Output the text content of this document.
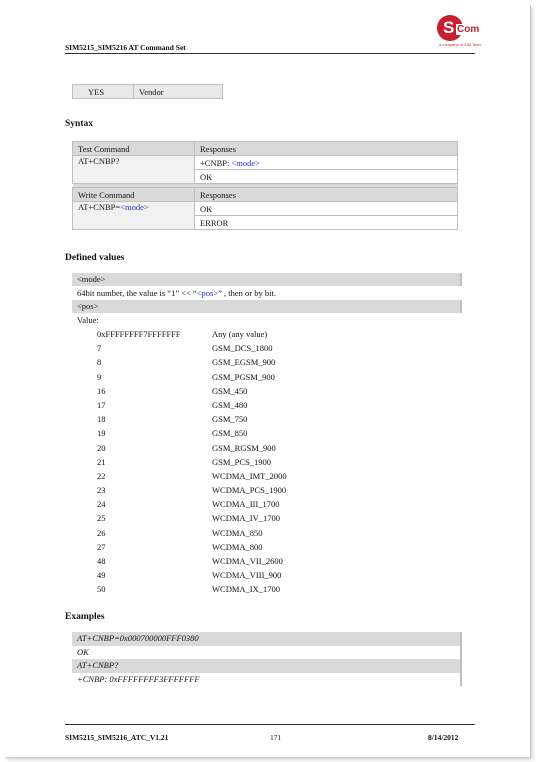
S Com
a company of SIM Tech
SIM5215_SIM5216 AT Command Set
YES	Vendor
Syntax
Test Command	Responses
AT+CNBP?	+CNBP: <mode>
	OK

Write Command	Responses
AT+CNBP=<mode>	OK
	ERROR
Defined values
<mode>
64bit number, the value is “1” << “<pos>” , then or by bit.
<pos>
Value:
0xFFFFFFFF7FFFFFFF	Any (any value)
7	GSM_DCS_1800
8	GSM_EGSM_900
9	GSM_PGSM_900
16	GSM_450
17	GSM_480
18	GSM_750
19	GSM_850
20	GSM_RGSM_900
21	GSM_PCS_1900
22	WCDMA_IMT_2000
23	WCDMA_PCS_1900
24	WCDMA_III_1700
25	WCDMA_IV_1700
26	WCDMA_850
27	WCDMA_800
48	WCDMA_VII_2600
49	WCDMA_VIII_900
50	WCDMA_IX_1700
Examples
AT+CNBP=0x000700000FFF0380
OK
AT+CNBP?
+CNBP: 0xFFFFFFFF3FFFFFFF
SIM5215_SIM5216_ATC_V1.21	171	8/14/2012
